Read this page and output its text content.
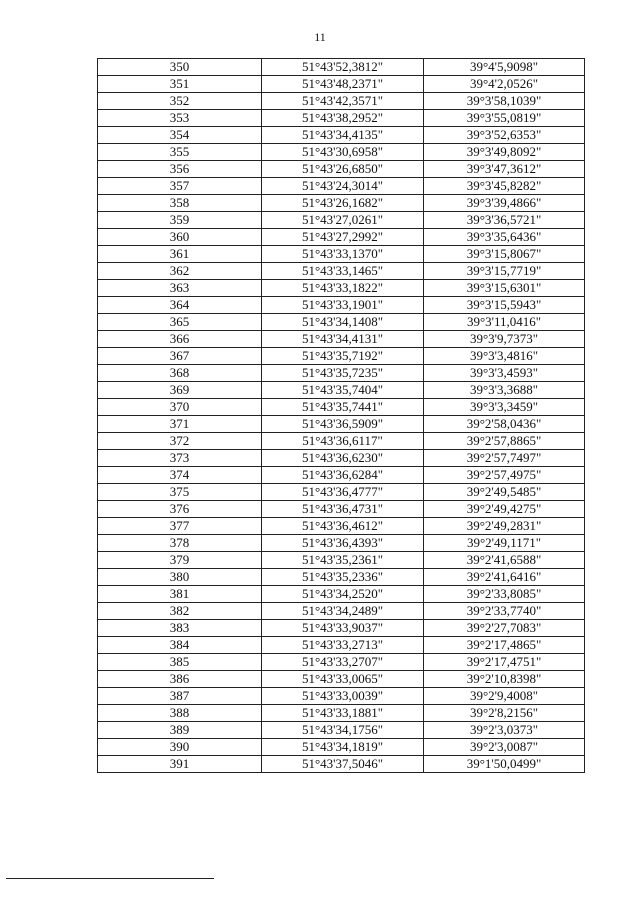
11
350	51°43'52,3812"	39°4'5,9098"
351	51°43'48,2371"	39°4'2,0526"
352	51°43'42,3571"	39°3'58,1039"
353	51°43'38,2952"	39°3'55,0819"
354	51°43'34,4135"	39°3'52,6353"
355	51°43'30,6958"	39°3'49,8092"
356	51°43'26,6850"	39°3'47,3612"
357	51°43'24,3014"	39°3'45,8282"
358	51°43'26,1682"	39°3'39,4866"
359	51°43'27,0261"	39°3'36,5721"
360	51°43'27,2992"	39°3'35,6436"
361	51°43'33,1370"	39°3'15,8067"
362	51°43'33,1465"	39°3'15,7719"
363	51°43'33,1822"	39°3'15,6301"
364	51°43'33,1901"	39°3'15,5943"
365	51°43'34,1408"	39°3'11,0416"
366	51°43'34,4131"	39°3'9,7373"
367	51°43'35,7192"	39°3'3,4816"
368	51°43'35,7235"	39°3'3,4593"
369	51°43'35,7404"	39°3'3,3688"
370	51°43'35,7441"	39°3'3,3459"
371	51°43'36,5909"	39°2'58,0436"
372	51°43'36,6117"	39°2'57,8865"
373	51°43'36,6230"	39°2'57,7497"
374	51°43'36,6284"	39°2'57,4975"
375	51°43'36,4777"	39°2'49,5485"
376	51°43'36,4731"	39°2'49,4275"
377	51°43'36,4612"	39°2'49,2831"
378	51°43'36,4393"	39°2'49,1171"
379	51°43'35,2361"	39°2'41,6588"
380	51°43'35,2336"	39°2'41,6416"
381	51°43'34,2520"	39°2'33,8085"
382	51°43'34,2489"	39°2'33,7740"
383	51°43'33,9037"	39°2'27,7083"
384	51°43'33,2713"	39°2'17,4865"
385	51°43'33,2707"	39°2'17,4751"
386	51°43'33,0065"	39°2'10,8398"
387	51°43'33,0039"	39°2'9,4008"
388	51°43'33,1881"	39°2'8,2156"
389	51°43'34,1756"	39°2'3,0373"
390	51°43'34,1819"	39°2'3,0087"
391	51°43'37,5046"	39°1'50,0499"
